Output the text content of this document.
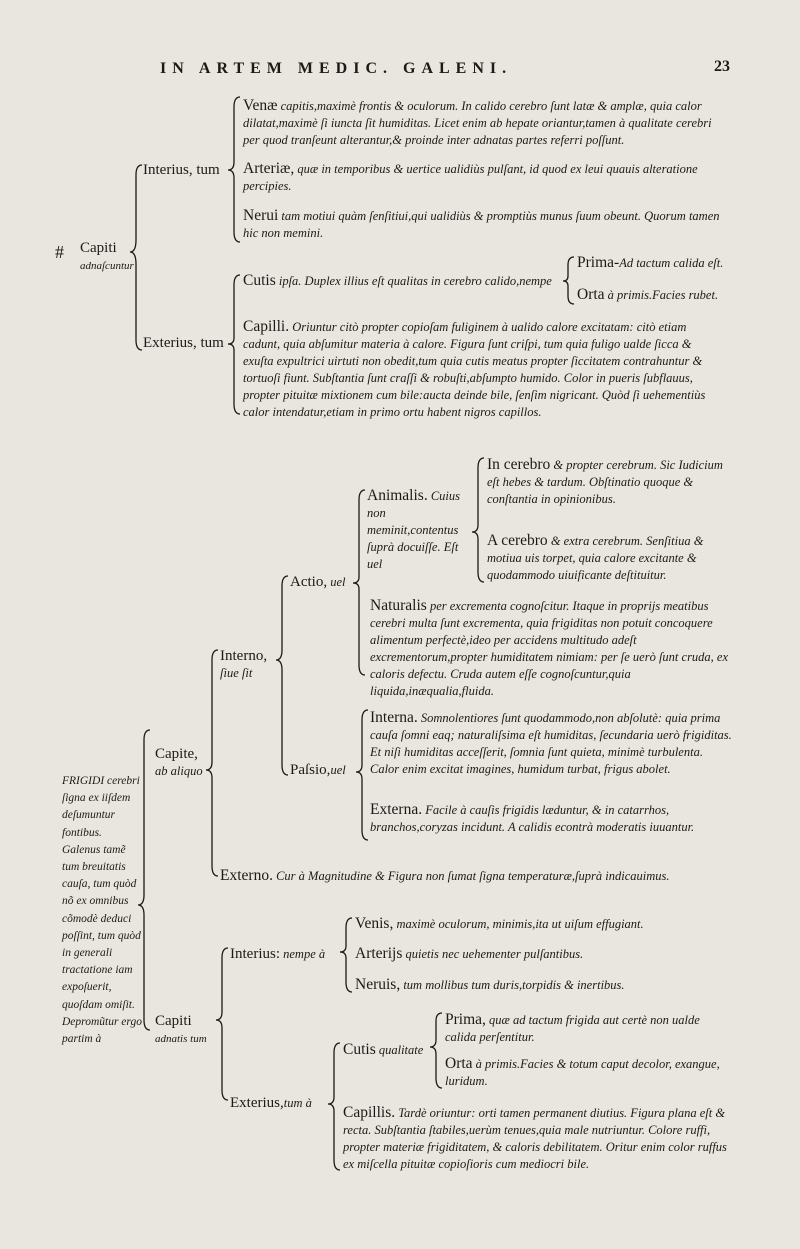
IN ARTEM MEDIC. GALENI.	23
# Capiti
adnaſcuntur
Interius, tum
Venæ capitis,maximè frontis & oculorum. In calido cerebro ſunt latæ & amplæ, quia calor dilatat,maximè ſi iuncta ſit humiditas. Licet enim ab hepate oriantur,tamen à qualitate cerebri per quod tranſeunt alterantur,& proinde inter adnatas partes referri poſſunt.
Arteriæ, quæ in temporibus & uertice ualidiùs pulſant, id quod ex leui quauis alteratione percipies.
Nerui tam motiui quàm ſenſitiui,qui ualidiùs & promptiùs munus ſuum obeunt. Quorum tamen hic non memini.
Exterius, tum
Cutis ipſa. Duplex illius eſt qualitas in cerebro calido,nempe
Prima-Ad tactum calida eſt.
Orta à primis.Facies rubet.
Capilli. Oriuntur citò propter copioſam fuliginem à ualido calore excitatam: citò etiam cadunt, quia abſumitur materia à calore. Figura ſunt criſpi, tum quia fuligo ualde ſicca & exuſta expultrici uirtuti non obedit,tum quia cutis meatus propter ſiccitatem contrahuntur & tortuoſi fiunt. Subſtantia ſunt craſſi & robuſti,abſumpto humido. Color in pueris ſubflauus, propter pituitæ mixtionem cum bile:aucta deinde bile, ſenſim nigricant. Quòd ſi uehementiùs calor intendatur,etiam in primo ortu habent nigros capillos.
FRIGIDI cerebri ſigna ex iiſdem deſumuntur fontibus. Galenus tamẽ tum breuitatis cauſa, tum quòd nõ ex omnibus cõmodè deduci poſſint, tum quòd in generali tractatione iam expoſuerit, quoſdam omiſit. Depromũtur ergo partim à
Capite,
ab aliquo
Interno,
ſiue ſit
Actio, uel
Animalis. Cuius non meminit,contentus ſuprà docuiſſe. Eſt uel
In cerebro & propter cerebrum. Sic Iudicium eſt hebes & tardum. Obſtinatio quoque & conſtantia in opinionibus.
A cerebro & extra cerebrum. Senſitiua & motiua uis torpet, quia calore excitante & quodammodo uiuificante deſtituitur.
Naturalis per excrementa cognoſcitur. Itaque in proprijs meatibus cerebri multa ſunt excrementa, quia frigiditas non potuit concoquere alimentum perfectè,ideo per accidens multitudo adeſt excrementorum,propter humiditatem nimiam: per ſe uerò ſunt cruda, ex caloris defectu. Cruda autem eſſe cognoſcuntur,quia liquida,inæqualia,fluida.
Paſsio,uel
Interna. Somnolentiores ſunt quodammodo,non abſolutè: quia prima cauſa ſomni eaq; naturaliſsima eſt humiditas, ſecundaria uerò frigiditas. Et niſi humiditas acceſſerit, ſomnia ſunt quieta, minimè turbulenta. Calor enim excitat imagines, humidum turbat, frigus abolet.
Externa. Facile à cauſis frigidis læduntur, & in catarrhos, branchos,coryzas incidunt. A calidis econtrà moderatis iuuantur.
Externo. Cur à Magnitudine & Figura non ſumat ſigna temperaturæ,ſuprà indicauimus.
Capiti adnatis tum
Interius: nempe à
Venis, maximè oculorum, minimis,ita ut uiſum effugiant.
Arterijs quietis nec uehementer pulſantibus.
Neruis, tum mollibus tum duris,torpidis & inertibus.
Exterius,tum à
Cutis qualitate
Prima, quæ ad tactum frigida aut certè non ualde calida perſentitur.
Orta à primis.Facies & totum caput decolor, exangue, luridum.
Capillis. Tardè oriuntur: orti tamen permanent diutius. Figura plana eſt & recta. Subſtantia ſtabiles,uerùm tenues,quia male nutriuntur. Colore ruffi, propter materiæ frigiditatem, & caloris debilitatem. Oritur enim color ruffus ex miſcella pituitæ copioſioris cum mediocri bile.
